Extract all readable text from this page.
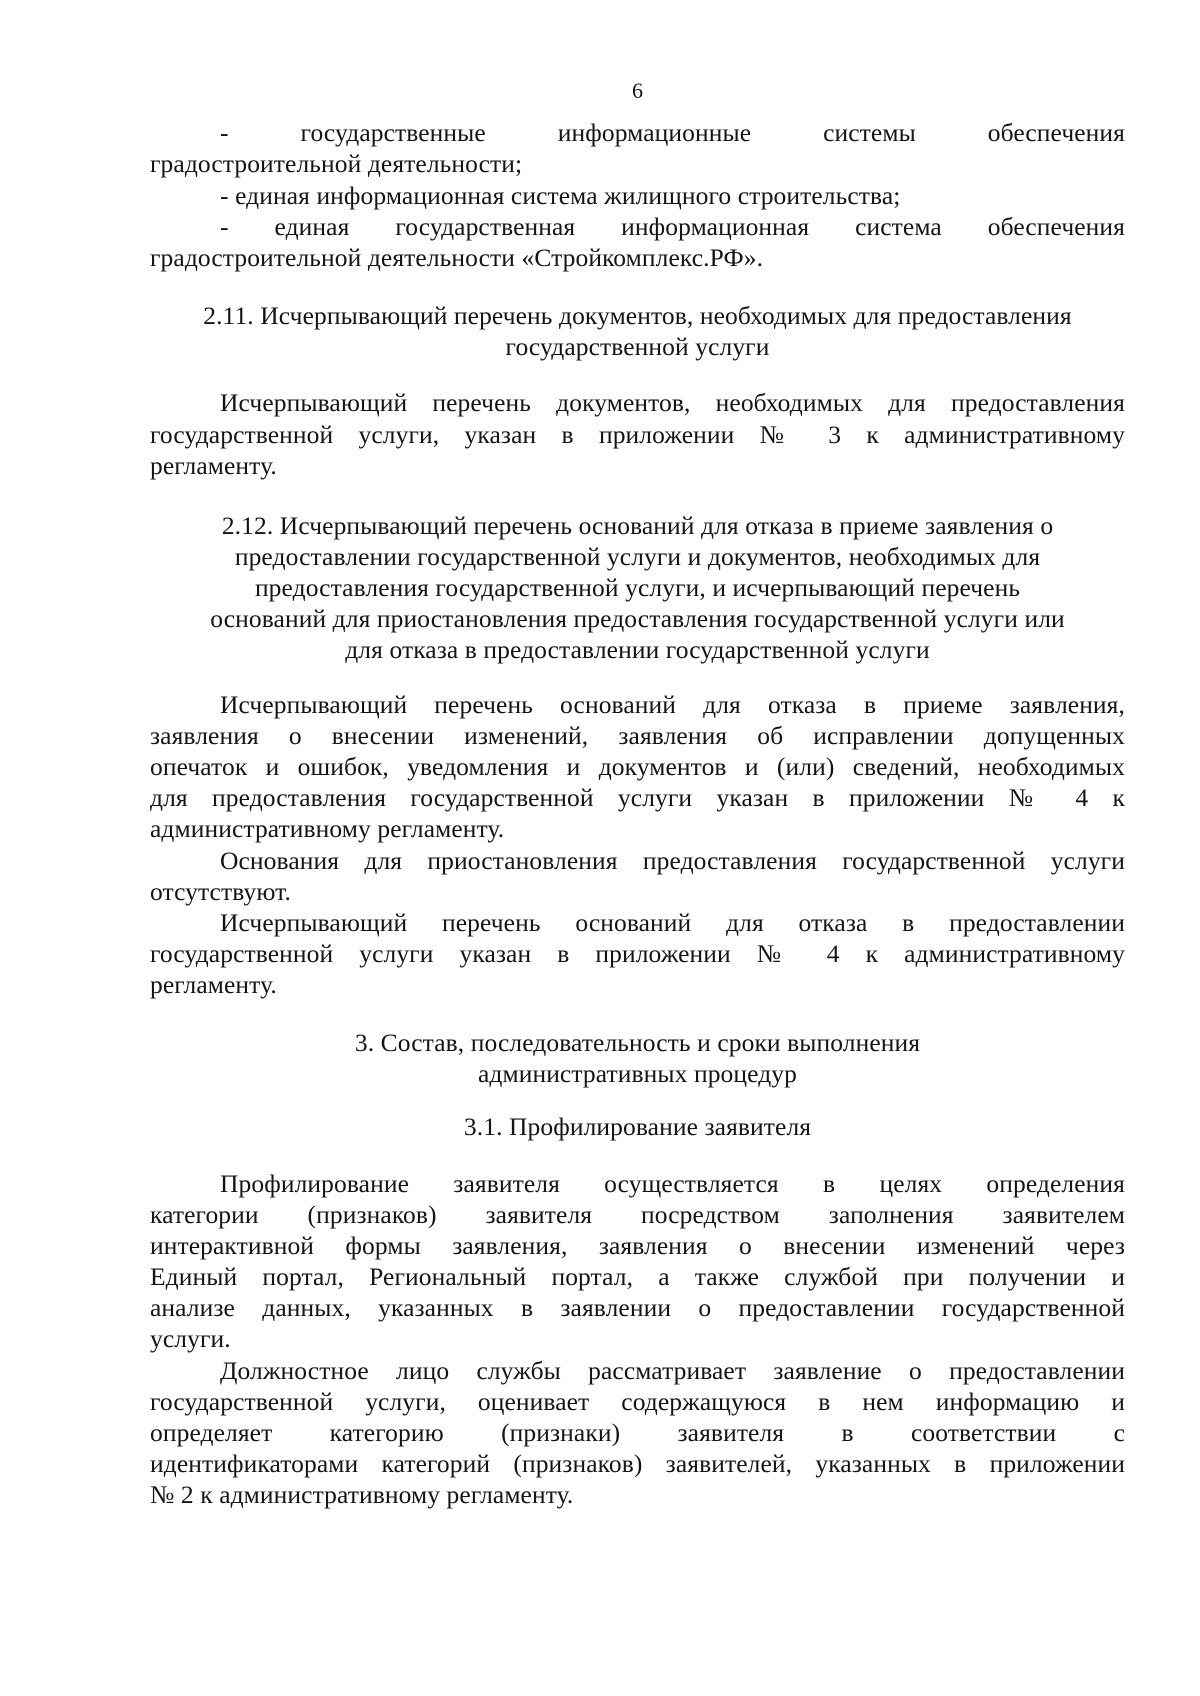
6
- государственные информационные системы обеспечения
градостроительной деятельности;
- единая информационная система жилищного строительства;
- единая государственная информационная система обеспечения
градостроительной деятельности «Стройкомплекс.РФ».
2.11. Исчерпывающий перечень документов, необходимых для предоставления
государственной услуги
Исчерпывающий перечень документов, необходимых для предоставления
государственной услуги, указан в приложении № 3 к административному
регламенту.
2.12. Исчерпывающий перечень оснований для отказа в приеме заявления о
предоставлении государственной услуги и документов, необходимых для
предоставления государственной услуги, и исчерпывающий перечень
оснований для приостановления предоставления государственной услуги или
для отказа в предоставлении государственной услуги
Исчерпывающий перечень оснований для отказа в приеме заявления,
заявления о внесении изменений, заявления об исправлении допущенных
опечаток и ошибок, уведомления и документов и (или) сведений, необходимых
для предоставления государственной услуги указан в приложении № 4 к
административному регламенту.
Основания для приостановления предоставления государственной услуги
отсутствуют.
Исчерпывающий перечень оснований для отказа в предоставлении
государственной услуги указан в приложении № 4 к административному
регламенту.
3. Состав, последовательность и сроки выполнения
административных процедур
3.1. Профилирование заявителя
Профилирование заявителя осуществляется в целях определения
категории (признаков) заявителя посредством заполнения заявителем
интерактивной формы заявления, заявления о внесении изменений через
Единый портал, Региональный портал, а также службой при получении и
анализе данных, указанных в заявлении о предоставлении государственной
услуги.
Должностное лицо службы рассматривает заявление о предоставлении
государственной услуги, оценивает содержащуюся в нем информацию и
определяет категорию (признаки) заявителя в соответствии с
идентификаторами категорий (признаков) заявителей, указанных в приложении
№ 2 к административному регламенту.
